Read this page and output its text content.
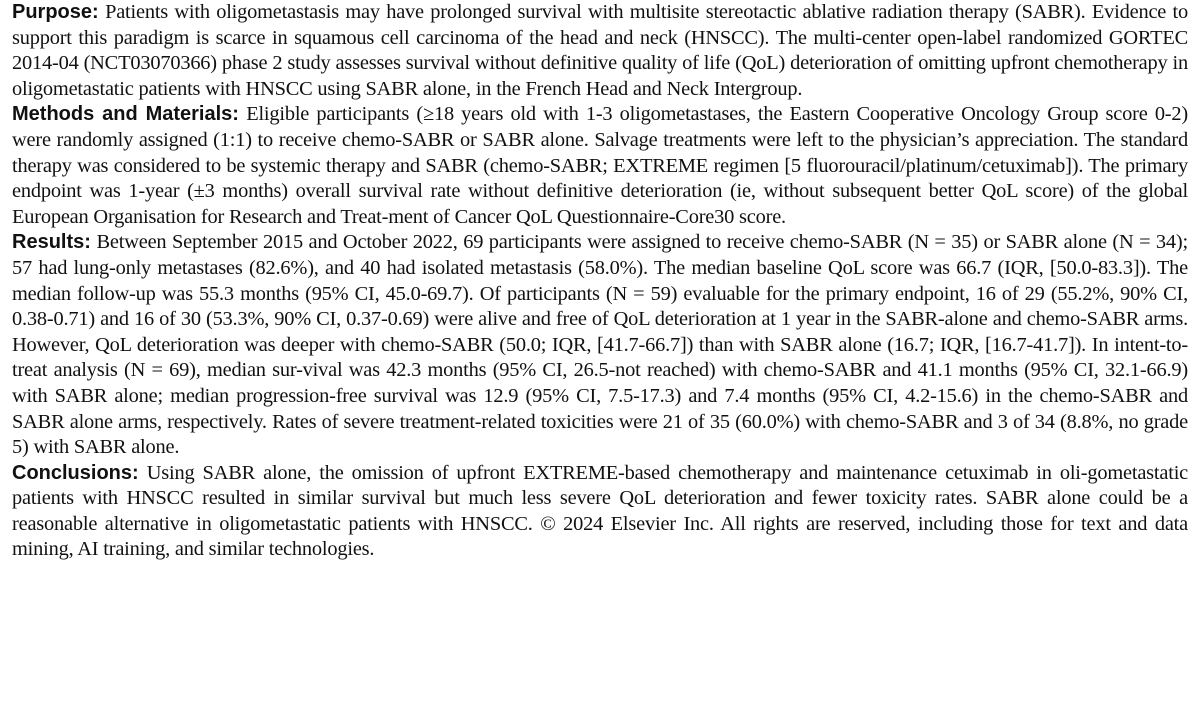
Purpose: Patients with oligometastasis may have prolonged survival with multisite stereotactic ablative radiation therapy (SABR). Evidence to support this paradigm is scarce in squamous cell carcinoma of the head and neck (HNSCC). The multi-center open-label randomized GORTEC 2014-04 (NCT03070366) phase 2 study assesses survival without definitive quality of life (QoL) deterioration of omitting upfront chemotherapy in oligometastatic patients with HNSCC using SABR alone, in the French Head and Neck Intergroup.

Methods and Materials: Eligible participants (≥18 years old with 1-3 oligometastases, the Eastern Cooperative Oncology Group score 0-2) were randomly assigned (1:1) to receive chemo-SABR or SABR alone. Salvage treatments were left to the physician’s appreciation. The standard therapy was considered to be systemic therapy and SABR (chemo-SABR; EXTREME regimen [5 fluorouracil/platinum/cetuximab]). The primary endpoint was 1-year (±3 months) overall survival rate without definitive deterioration (ie, without subsequent better QoL score) of the global European Organisation for Research and Treat-ment of Cancer QoL Questionnaire-Core30 score.

Results: Between September 2015 and October 2022, 69 participants were assigned to receive chemo-SABR (N = 35) or SABR alone (N = 34); 57 had lung-only metastases (82.6%), and 40 had isolated metastasis (58.0%). The median baseline QoL score was 66.7 (IQR, [50.0-83.3]). The median follow-up was 55.3 months (95% CI, 45.0-69.7). Of participants (N = 59) evaluable for the primary endpoint, 16 of 29 (55.2%, 90% CI, 0.38-0.71) and 16 of 30 (53.3%, 90% CI, 0.37-0.69) were alive and free of QoL deterioration at 1 year in the SABR-alone and chemo-SABR arms. However, QoL deterioration was deeper with chemo-SABR (50.0; IQR, [41.7-66.7]) than with SABR alone (16.7; IQR, [16.7-41.7]). In intent-to-treat analysis (N = 69), median sur-vival was 42.3 months (95% CI, 26.5-not reached) with chemo-SABR and 41.1 months (95% CI, 32.1-66.9) with SABR alone; median progression-free survival was 12.9 (95% CI, 7.5-17.3) and 7.4 months (95% CI, 4.2-15.6) in the chemo-SABR and SABR alone arms, respectively. Rates of severe treatment-related toxicities were 21 of 35 (60.0%) with chemo-SABR and 3 of 34 (8.8%, no grade 5) with SABR alone.

Conclusions: Using SABR alone, the omission of upfront EXTREME-based chemotherapy and maintenance cetuximab in oli-gometastatic patients with HNSCC resulted in similar survival but much less severe QoL deterioration and fewer toxicity rates. SABR alone could be a reasonable alternative in oligometastatic patients with HNSCC. © 2024 Elsevier Inc. All rights are reserved, including those for text and data mining, AI training, and similar technologies.
